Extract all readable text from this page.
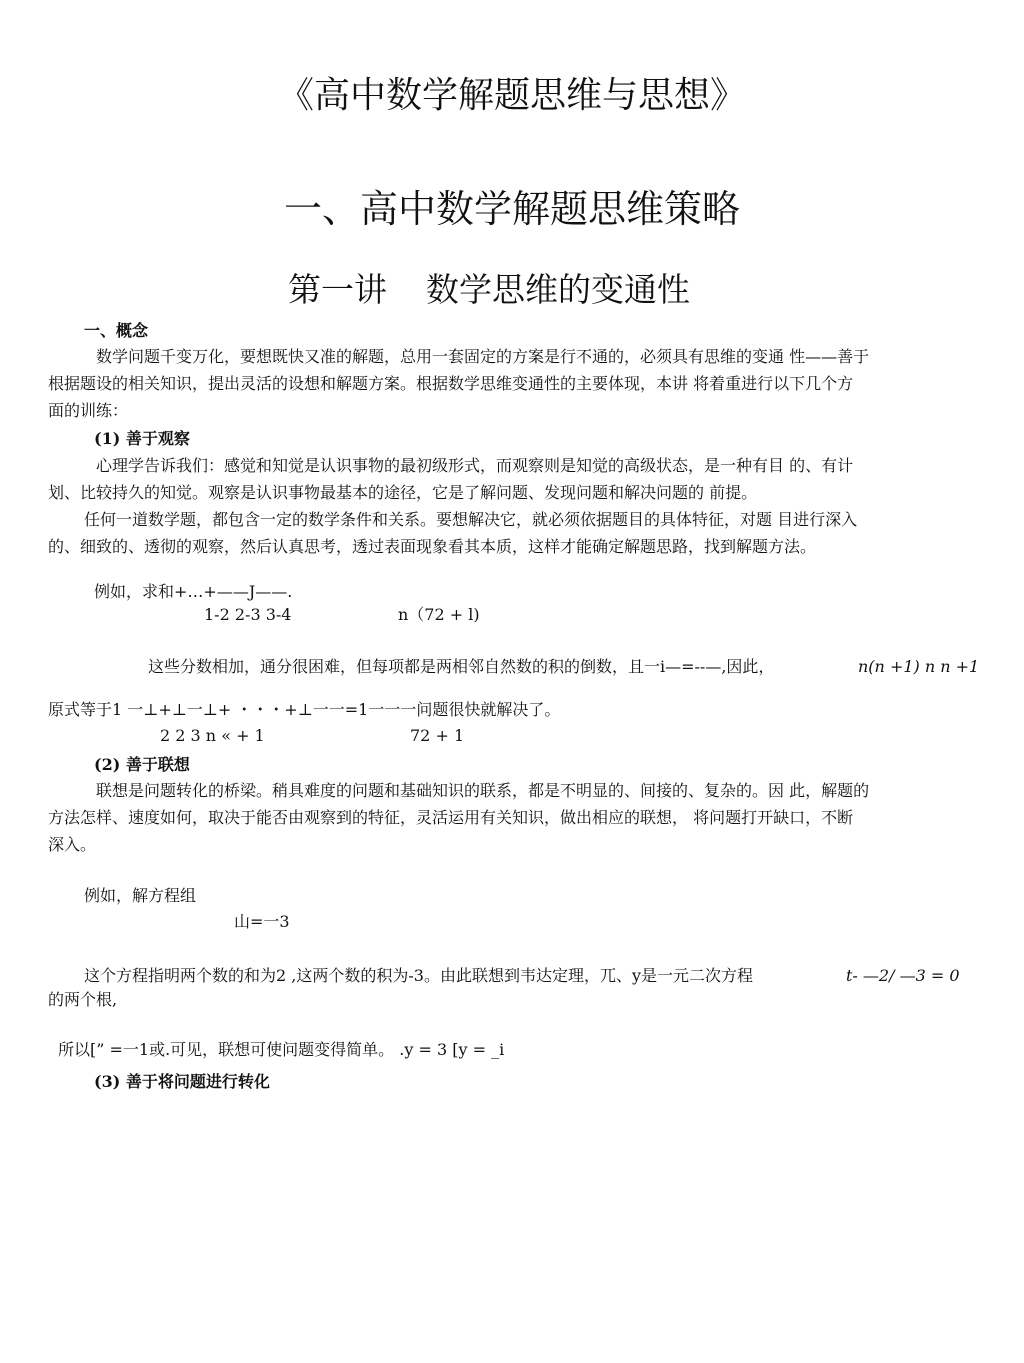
《高中数学解题思维与思想》
一、高中数学解题思维策略
第一讲 数学思维的变通性
一、概念
数学问题千变万化，要想既快又准的解题，总用一套固定的方案是行不通的，必须具有思维的变通 性——善于
根据题设的相关知识，提出灵活的设想和解题方案。根据数学思维变通性的主要体现，本讲 将着重进行以下几个方
面的训练：
(1) 善于观察
心理学告诉我们：感觉和知觉是认识事物的最初级形式，而观察则是知觉的高级状态，是一种有目 的、有计
划、比较持久的知觉。观察是认识事物最基本的途径，它是了解问题、发现问题和解决问题的 前提。
任何一道数学题，都包含一定的数学条件和关系。要想解决它，就必须依据题目的具体特征，对题 目进行深入
的、细致的、透彻的观察，然后认真思考，透过表面现象看其本质，这样才能确定解题思路，找到解题方法。
例如，求和+…+——J——.
1-2 2-3 3-4	n（72 + l)
这些分数相加，通分很困难，但每项都是两相邻自然数的积的倒数，且一i—=--—,因此，	n(n +1) n n +1
原式等于1 一⊥+⊥一⊥+ ・・・+⊥一一=1一一一问题很快就解决了。
2 2 3 n « + 1	72 + 1
(2) 善于联想
联想是问题转化的桥梁。稍具难度的问题和基础知识的联系，都是不明显的、间接的、复杂的。因 此，解题的
方法怎样、速度如何，取决于能否由观察到的特征，灵活运用有关知识，做出相应的联想， 将问题打开缺口，不断
深入。
例如，解方程组
山=一3
这个方程指明两个数的和为2 ,这两个数的积为-3。由此联想到韦达定理，兀、y是一元二次方程	t- —2/ —3 = 0
的两个根,
所以[” =一1或.可见，联想可使问题变得简单。 .y = 3 [y = _i
(3) 善于将问题进行转化
